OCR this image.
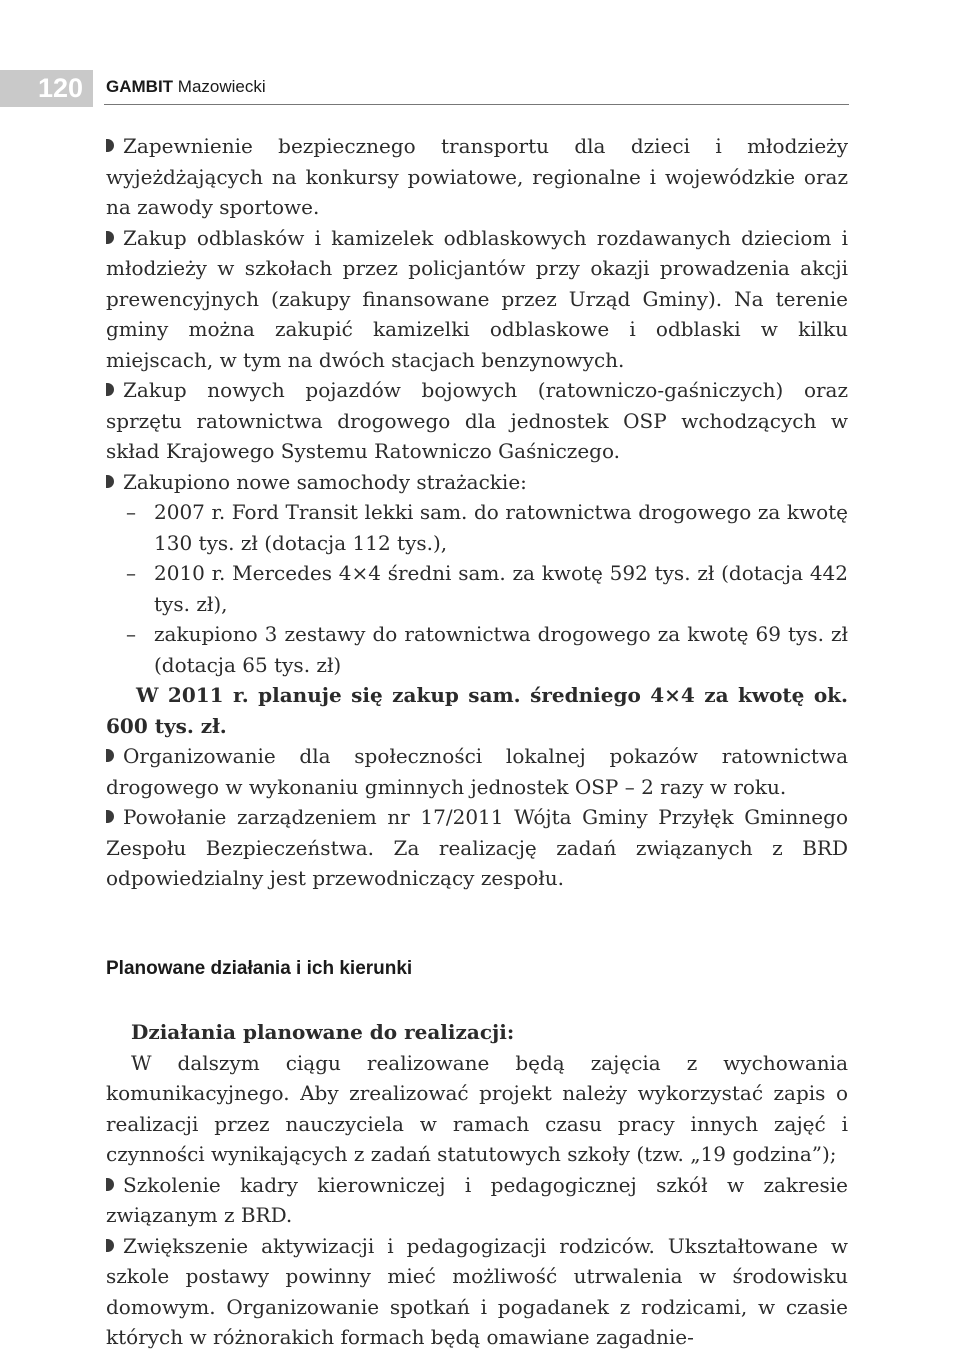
120	GAMBIT Mazowiecki

Zapewnienie bezpiecznego transportu dla dzieci i młodzieży wyjeżdżających na konkursy powiatowe, regionalne i wojewódzkie oraz na zawody sportowe.

Zakup odblasków i kamizelek odblaskowych rozdawanych dzieciom i młodzieży w szkołach przez policjantów przy okazji prowadzenia akcji prewencyjnych (zakupy finansowane przez Urząd Gminy). Na terenie gminy można zakupić kamizelki odblaskowe i odblaski w kilku miejscach, w tym na dwóch stacjach benzynowych.

Zakup nowych pojazdów bojowych (ratowniczo-gaśniczych) oraz sprzętu ratownictwa drogowego dla jednostek OSP wchodzących w skład Krajowego Systemu Ratowniczo Gaśniczego.

Zakupiono nowe samochody strażackie:

– 2007 r. Ford Transit lekki sam. do ratownictwa drogowego za kwotę 130 tys. zł (dotacja 112 tys.),
– 2010 r. Mercedes 4×4 średni sam. za kwotę 592 tys. zł (dotacja 442 tys. zł),
– zakupiono 3 zestawy do ratownictwa drogowego za kwotę 69 tys. zł (dotacja 65 tys. zł)

W 2011 r. planuje się zakup sam. średniego 4×4 za kwotę ok. 600 tys. zł.

Organizowanie dla społeczności lokalnej pokazów ratownictwa drogowego w wykonaniu gminnych jednostek OSP – 2 razy w roku.

Powołanie zarządzeniem nr 17/2011 Wójta Gminy Przyłęk Gminnego Zespołu Bezpieczeństwa. Za realizację zadań związanych z BRD odpowiedzialny jest przewodniczący zespołu.

Planowane działania i ich kierunki

Działania planowane do realizacji:

W dalszym ciągu realizowane będą zajęcia z wychowania komunikacyjnego. Aby zrealizować projekt należy wykorzystać zapis o realizacji przez nauczyciela w ramach czasu pracy innych zajęć i czynności wynikających z zadań statutowych szkoły (tzw. „19 godzina”);

Szkolenie kadry kierowniczej i pedagogicznej szkół w zakresie związanym z BRD.

Zwiększenie aktywizacji i pedagogizacji rodziców. Ukształtowane w szkole postawy powinny mieć możliwość utrwalenia w środowisku domowym. Organizowanie spotkań i pogadanek z rodzicami, w czasie których w różnorakich formach będą omawiane zagadnie-
